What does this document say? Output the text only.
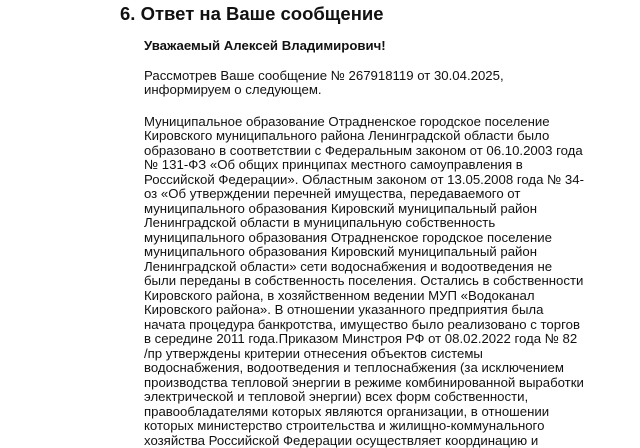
6. Ответ на Ваше сообщение

Уважаемый Алексей Владимирович!

Рассмотрев Ваше сообщение № 267918119 от 30.04.2025,
информируем о следующем.

Муниципальное образование Отрадненское городское поселение
Кировского муниципального района Ленинградской области было
образовано в соответствии с Федеральным законом от 06.10.2003 года
№ 131-ФЗ «Об общих принципах местного самоуправления в
Российской Федерации». Областным законом от 13.05.2008 года № 34-
оз «Об утверждении перечней имущества, передаваемого от
муниципального образования Кировский муниципальный район
Ленинградской области в муниципальную собственность
муниципального образования Отрадненское городское поселение
муниципального образования Кировский муниципальный район
Ленинградской области» сети водоснабжения и водоотведения не
были переданы в собственность поселения. Остались в собственности
Кировского района, в хозяйственном ведении МУП «Водоканал
Кировского района». В отношении указанного предприятия была
начата процедура банкротства, имущество было реализовано с торгов
в середине 2011 года.Приказом Минстроя РФ от 08.02.2022 года № 82
/пр утверждены критерии отнесения объектов системы
водоснабжения, водоотведения и теплоснабжения (за исключением
производства тепловой энергии в режиме комбинированной выработки
электрической и тепловой энергии) всех форм собственности,
правообладателями которых являются организации, в отношении
которых министерство строительства и жилищно-коммунального
хозяйства Российской Федерации осуществляет координацию и
